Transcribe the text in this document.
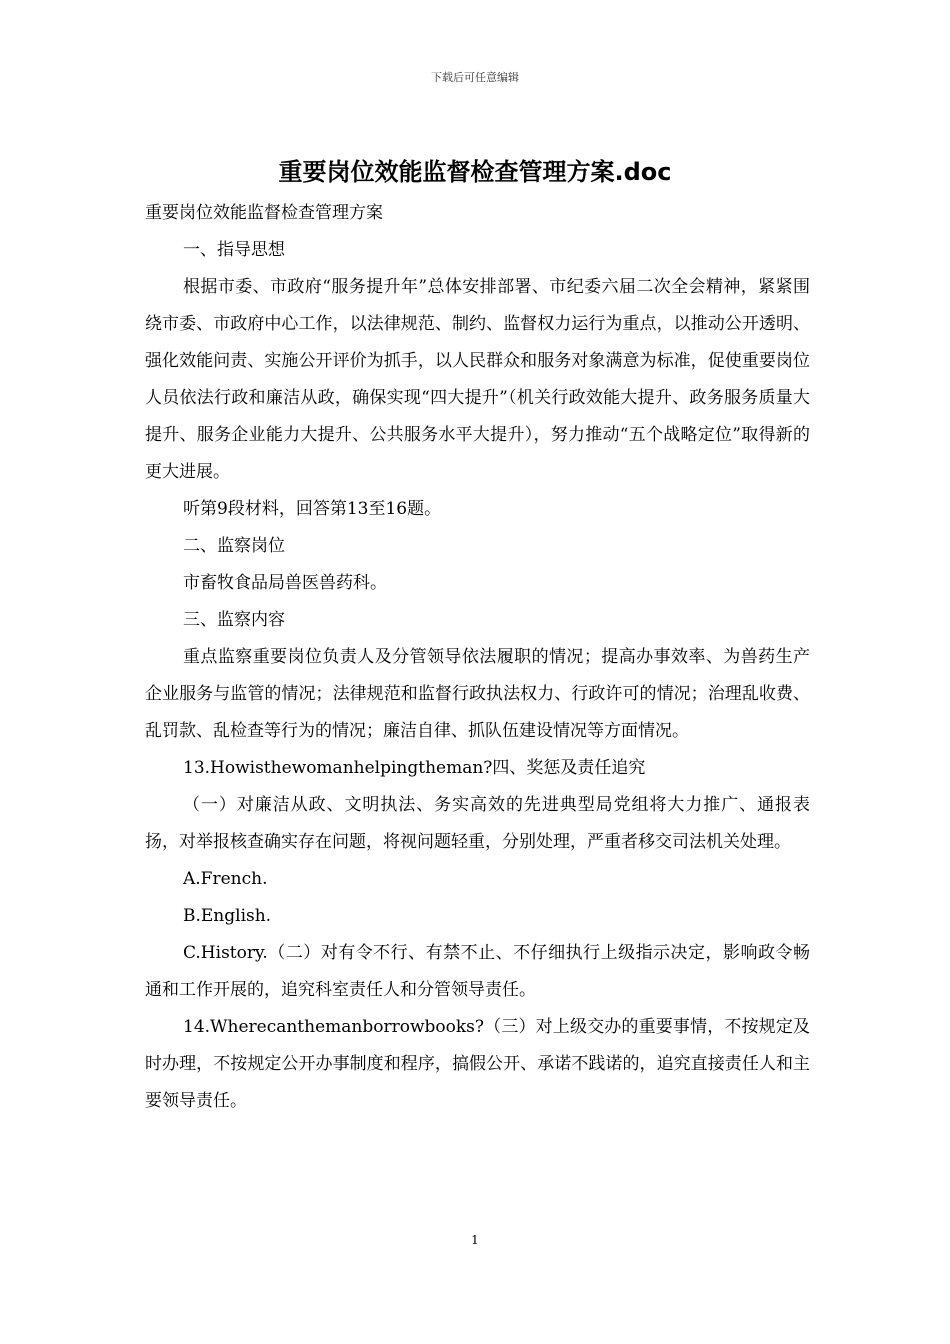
下载后可任意编辑
重要岗位效能监督检查管理方案.doc

重要岗位效能监督检查管理方案

一、指导思想

根据市委、市政府“服务提升年”总体安排部署、市纪委六届二次全会精神，紧紧围绕市委、市政府中心工作，以法律规范、制约、监督权力运行为重点，以推动公开透明、强化效能问责、实施公开评价为抓手，以人民群众和服务对象满意为标准，促使重要岗位人员依法行政和廉洁从政，确保实现“四大提升”（机关行政效能大提升、政务服务质量大提升、服务企业能力大提升、公共服务水平大提升），努力推动“五个战略定位”取得新的更大进展。

听第9段材料，回答第13至16题。

二、监察岗位

市畜牧食品局兽医兽药科。

三、监察内容

重点监察重要岗位负责人及分管领导依法履职的情况；提高办事效率、为兽药生产企业服务与监管的情况；法律规范和监督行政执法权力、行政许可的情况；治理乱收费、乱罚款、乱检查等行为的情况；廉洁自律、抓队伍建设情况等方面情况。

13.Howisthewomanhelpingtheman?四、奖惩及责任追究

（一）对廉洁从政、文明执法、务实高效的先进典型局党组将大力推广、通报表扬，对举报核查确实存在问题，将视问题轻重，分别处理，严重者移交司法机关处理。

A.French.

B.English.

C.History.（二）对有令不行、有禁不止、不仔细执行上级指示决定，影响政令畅通和工作开展的，追究科室责任人和分管领导责任。

14.Wherecanthemanborrowbooks?（三）对上级交办的重要事情，不按规定及时办理，不按规定公开办事制度和程序，搞假公开、承诺不践诺的，追究直接责任人和主要领导责任。

1
